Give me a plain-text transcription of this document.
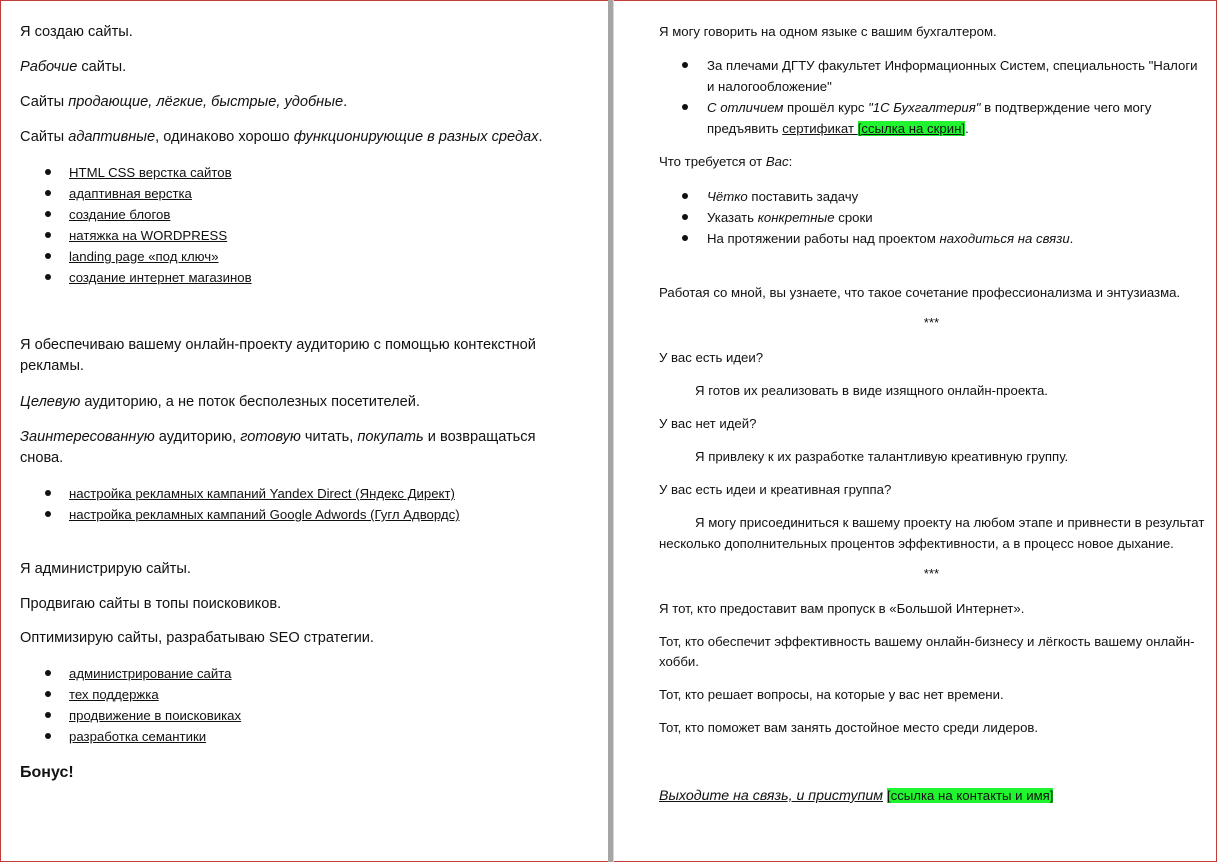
Я создаю сайты.

Рабочие сайты.

Сайты продающие, лёгкие, быстрые, удобные.

Сайты адаптивные, одинаково хорошо функционирующие в разных средах.

HTML CSS верстка сайтов
адаптивная верстка
создание блогов
натяжка на WORDPRESS
landing page «под ключ»
создание интернет магазинов

Я обеспечиваю вашему онлайн-проекту аудиторию с помощью контекстной рекламы.

Целевую аудиторию, а не поток бесполезных посетителей.

Заинтересованную аудиторию, готовую читать, покупать и возвращаться снова.

настройка рекламных кампаний Yandex Direct (Яндекс Директ)
настройка рекламных кампаний Google Adwords (Гугл Адвордс)

Я администрирую сайты.

Продвигаю сайты в топы поисковиков.

Оптимизирую сайты, разрабатываю SEO стратегии.

администрирование сайта
тех поддержка
продвижение в поисковиках
разработка семантики

Бонус!

Я могу говорить на одном языке с вашим бухгалтером.

За плечами ДГТУ факультет Информационных Систем, специальность "Налоги и налогообложение"
С отличием прошёл курс "1С Бухгалтерия" в подтверждение чего могу предъявить сертификат [ссылка на скрин].

Что требуется от Вас:

Чётко поставить задачу
Указать конкретные сроки
На протяжении работы над проектом находиться на связи.

Работая со мной, вы узнаете, что такое сочетание профессионализма и энтузиазма.

***

У вас есть идеи?

Я готов их реализовать в виде изящного онлайн-проекта.

У вас нет идей?

Я привлеку к их разработке талантливую креативную группу.

У вас есть идеи и креативная группа?

Я могу присоединиться к вашему проекту на любом этапе и привнести в результат

несколько дополнительных процентов эффективности, а в процесс новое дыхание.

***

Я тот, кто предоставит вам пропуск в «Большой Интернет».

Тот, кто обеспечит эффективность вашему онлайн-бизнесу и лёгкость вашему онлайн-

хобби.

Тот, кто решает вопросы, на которые у вас нет времени.

Тот, кто поможет вам занять достойное место среди лидеров.

Выходите на связь, и приступим [ссылка на контакты и имя]
